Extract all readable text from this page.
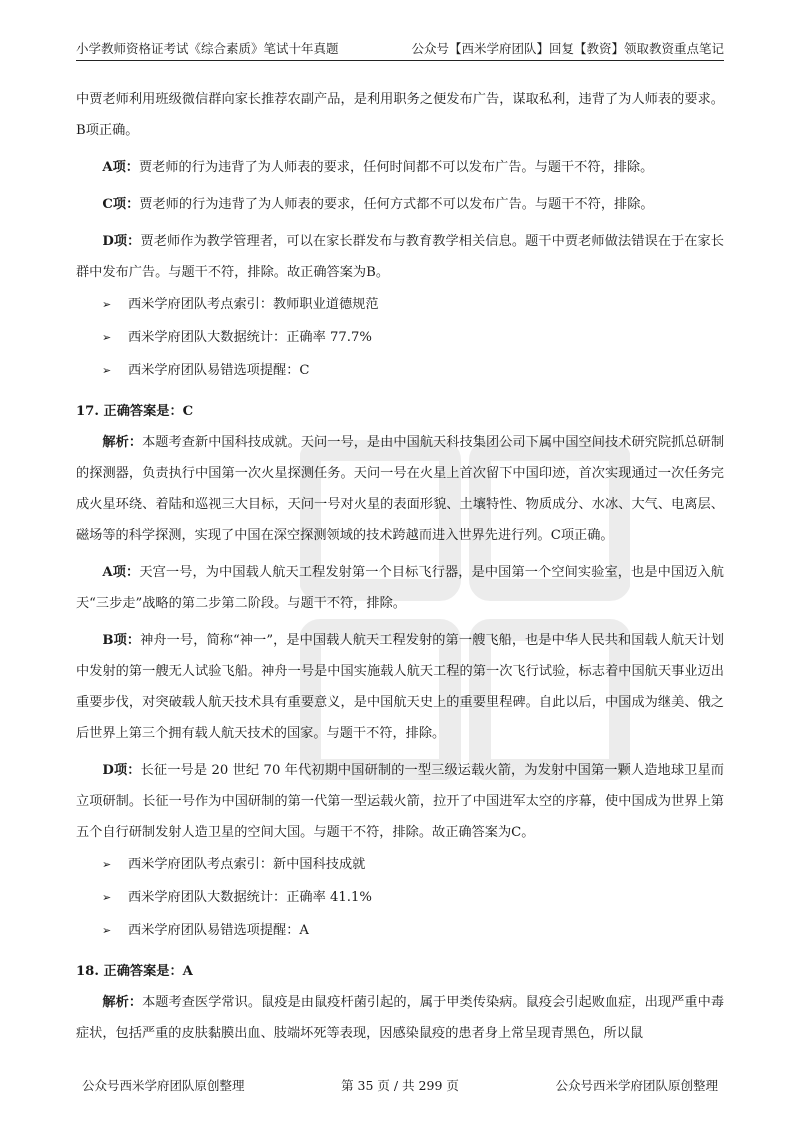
小学教师资格证考试《综合素质》笔试十年真题	公众号【西米学府团队】回复【教资】领取教资重点笔记

中贾老师利用班级微信群向家长推荐农副产品，是利用职务之便发布广告，谋取私利，违背了为人师表的要求。B项正确。

A项：贾老师的行为违背了为人师表的要求，任何时间都不可以发布广告。与题干不符，排除。

C项：贾老师的行为违背了为人师表的要求，任何方式都不可以发布广告。与题干不符，排除。

D项：贾老师作为教学管理者，可以在家长群发布与教育教学相关信息。题干中贾老师做法错误在于在家长群中发布广告。与题干不符，排除。故正确答案为B。

➢	西米学府团队考点索引：教师职业道德规范
➢	西米学府团队大数据统计：正确率 77.7%
➢	西米学府团队易错选项提醒：C
17. 正确答案是：C

解析：本题考查新中国科技成就。天问一号，是由中国航天科技集团公司下属中国空间技术研究院抓总研制的探测器，负责执行中国第一次火星探测任务。天问一号在火星上首次留下中国印迹，首次实现通过一次任务完成火星环绕、着陆和巡视三大目标，天问一号对火星的表面形貌、土壤特性、物质成分、水冰、大气、电离层、磁场等的科学探测，实现了中国在深空探测领域的技术跨越而进入世界先进行列。C项正确。

A项：天宫一号，为中国载人航天工程发射第一个目标飞行器，是中国第一个空间实验室，也是中国迈入航天“三步走”战略的第二步第二阶段。与题干不符，排除。

B项：神舟一号，简称“神一”，是中国载人航天工程发射的第一艘飞船，也是中华人民共和国载人航天计划中发射的第一艘无人试验飞船。神舟一号是中国实施载人航天工程的第一次飞行试验，标志着中国航天事业迈出重要步伐，对突破载人航天技术具有重要意义，是中国航天史上的重要里程碑。自此以后，中国成为继美、俄之后世界上第三个拥有载人航天技术的国家。与题干不符，排除。

D项：长征一号是 20 世纪 70 年代初期中国研制的一型三级运载火箭，为发射中国第一颗人造地球卫星而立项研制。长征一号作为中国研制的第一代第一型运载火箭，拉开了中国进军太空的序幕，使中国成为世界上第五个自行研制发射人造卫星的空间大国。与题干不符，排除。故正确答案为C。

➢	西米学府团队考点索引：新中国科技成就
➢	西米学府团队大数据统计：正确率 41.1%
➢	西米学府团队易错选项提醒：A
18. 正确答案是：A

解析：本题考查医学常识。鼠疫是由鼠疫杆菌引起的，属于甲类传染病。鼠疫会引起败血症，出现严重中毒症状，包括严重的皮肤黏膜出血、肢端坏死等表现，因感染鼠疫的患者身上常呈现青黑色，所以鼠

公众号西米学府团队原创整理	第 35 页 / 共 299 页	公众号西米学府团队原创整理
